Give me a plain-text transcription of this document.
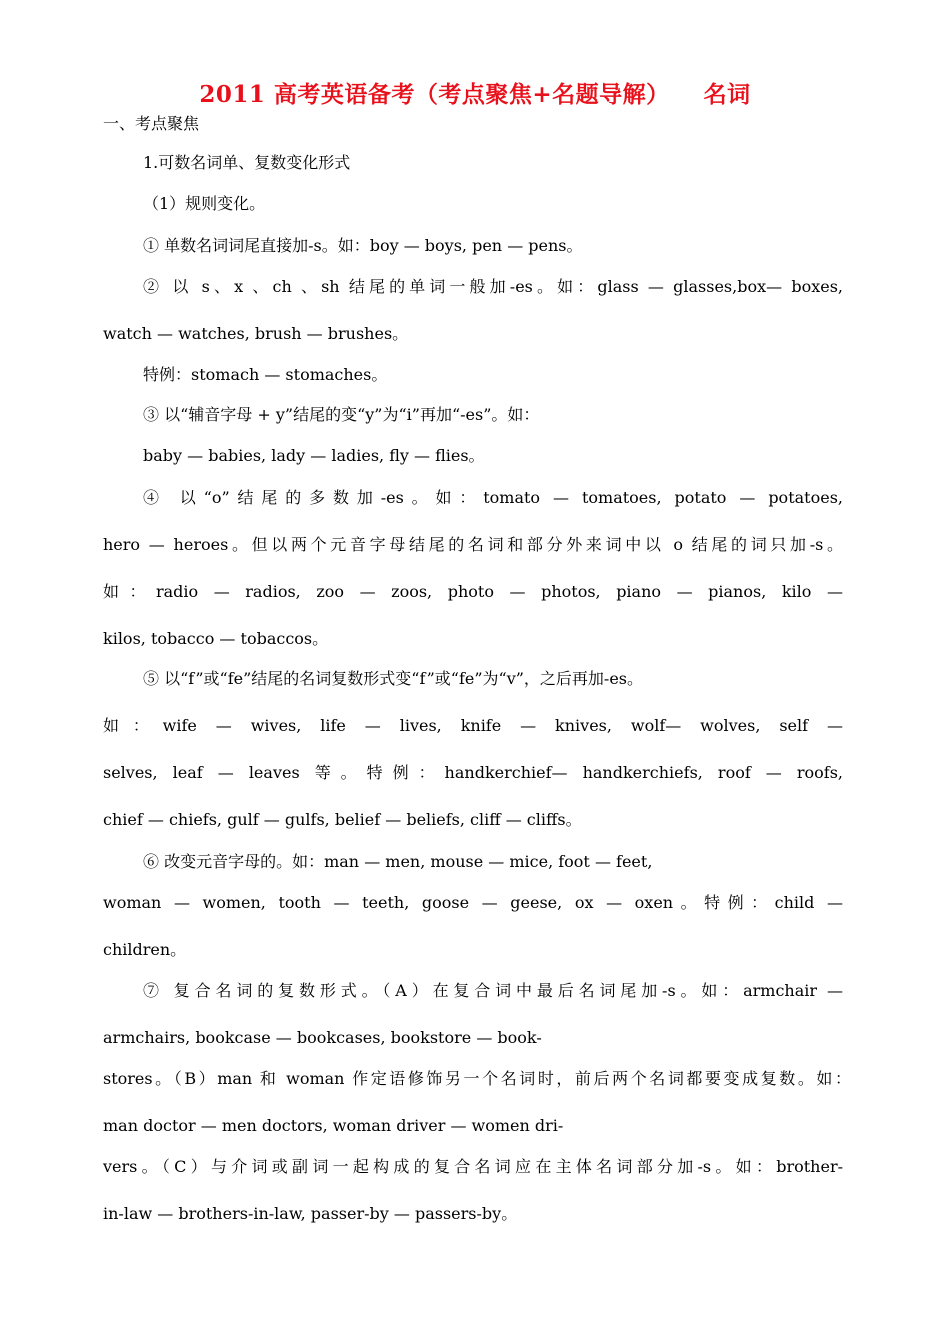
2011 高考英语备考（考点聚焦+名题导解）    名词
一、考点聚焦
1.可数名词单、复数变化形式
（1）规则变化。
① 单数名词词尾直接加-s。如：boy — boys, pen — pens。
② 以 s、x 、ch 、sh 结尾的单词一般加-es。如：glass — glasses,box— boxes,
watch — watches, brush — brushes。
特例：stomach — stomaches。
③ 以“辅音字母 + y”结尾的变“y”为“i”再加“-es”。如：
baby — babies, lady — ladies, fly — flies。
④ 以“o”结尾的多数加-es。如：tomato — tomatoes, potato — potatoes,
hero — heroes。但以两个元音字母结尾的名词和部分外来词中以 o 结尾的词只加-s。
如：radio — radios, zoo — zoos, photo — photos, piano — pianos, kilo —
kilos, tobacco — tobaccos。
⑤ 以“f”或“fe”结尾的名词复数形式变“f”或“fe”为“v”，之后再加-es。
如：wife — wives, life — lives, knife — knives, wolf— wolves, self —
selves, leaf — leaves 等。特例：handkerchief— handkerchiefs, roof — roofs,
chief — chiefs, gulf — gulfs, belief — beliefs, cliff — cliffs。
⑥ 改变元音字母的。如：man — men, mouse — mice, foot — feet,
woman — women, tooth — teeth, goose — geese, ox — oxen。特例：child —
children。
⑦ 复合名词的复数形式。（A）在复合词中最后名词尾加-s。如：armchair —
armchairs, bookcase — bookcases, bookstore — book-
stores。（B）man 和 woman 作定语修饰另一个名词时，前后两个名词都要变成复数。如：
man doctor — men doctors, woman driver — women dri-
vers。（C）与介词或副词一起构成的复合名词应在主体名词部分加-s。如：brother-
in-law — brothers-in-law, passer-by — passers-by。
